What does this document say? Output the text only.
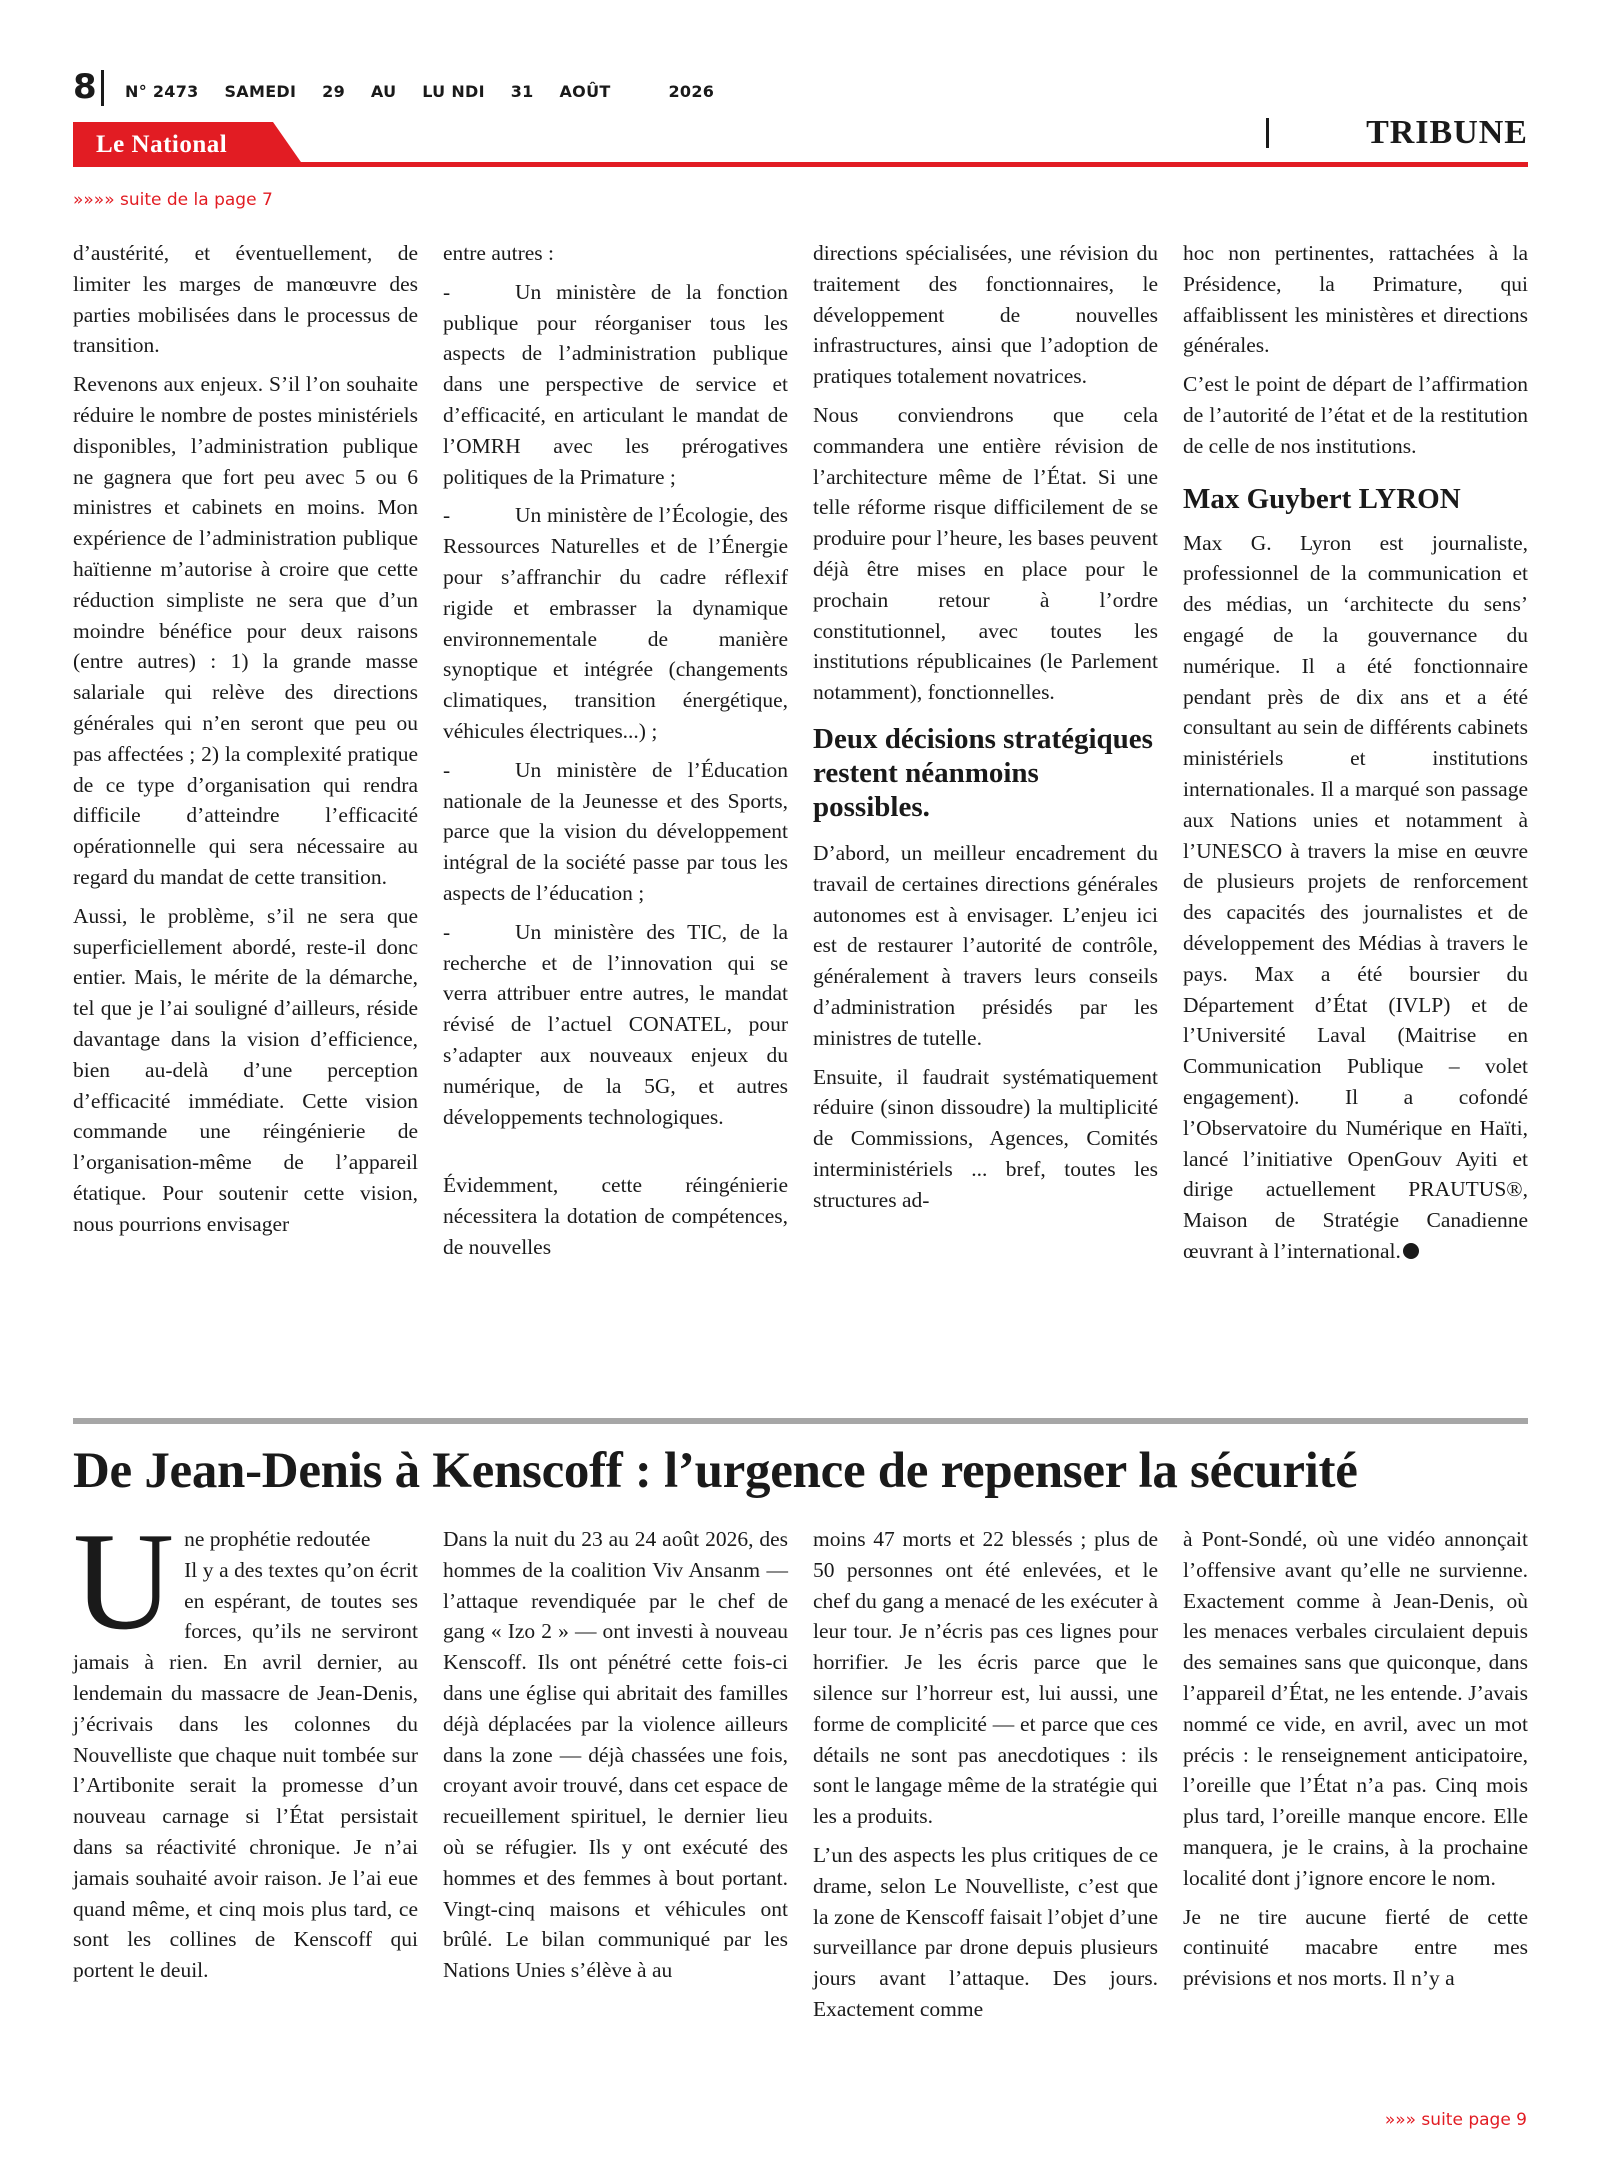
8 N° 2473 SAMEDI 29 AU LU NDI 31 AOÛT	2026
Le National	TRIBUNE
»»»» suite de la page 7

d’austérité, et éventuellement, de limiter les marges de manœuvre des parties mobilisées dans le processus de transition.

Revenons aux enjeux. S’il l’on souhaite réduire le nombre de postes ministériels disponibles, l’administration publique ne gagnera que fort peu avec 5 ou 6 ministres et cabinets en moins. Mon expérience de l’administration publique haïtienne m’autorise à croire que cette réduction simpliste ne sera que d’un moindre bénéfice pour deux raisons (entre autres) : 1) la grande masse salariale qui relève des directions générales qui n’en seront que peu ou pas affectées ; 2) la complexité pratique de ce type d’organisation qui rendra difficile d’atteindre l’efficacité opérationnelle qui sera nécessaire au regard du mandat de cette transition.

Aussi, le problème, s’il ne sera que superficiellement abordé, reste-il donc entier. Mais, le mérite de la démarche, tel que je l’ai souligné d’ailleurs, réside davantage dans la vision d’efficience, bien au-delà d’une perception d’efficacité immédiate. Cette vision commande une réingénierie de l’organisation-même de l’appareil étatique. Pour soutenir cette vision, nous pourrions envisager

entre autres :

-	Un ministère de la fonction publique pour réorganiser tous les aspects de l’administration publique dans une perspective de service et d’efficacité, en articulant le mandat de l’OMRH avec les prérogatives politiques de la Primature ;

-	Un ministère de l’Écologie, des Ressources Naturelles et de l’Énergie pour s’affranchir du cadre réflexif rigide et embrasser la dynamique environnementale de manière synoptique et intégrée (changements climatiques, transition énergétique, véhicules électriques...) ;

-	Un ministère de l’Éducation nationale de la Jeunesse et des Sports, parce que la vision du développement intégral de la société passe par tous les aspects de l’éducation ;

-	Un ministère des TIC, de la recherche et de l’innovation qui se verra attribuer entre autres, le mandat révisé de l’actuel CONATEL, pour s’adapter aux nouveaux enjeux du numérique, de la 5G, et autres développements technologiques.

Évidemment, cette réingénierie nécessitera la dotation de compétences, de nouvelles

directions spécialisées, une révision du traitement des fonctionnaires, le développement de nouvelles infrastructures, ainsi que l’adoption de pratiques totalement novatrices.

Nous conviendrons que cela commandera une entière révision de l’architecture même de l’État. Si une telle réforme risque difficilement de se produire pour l’heure, les bases peuvent déjà être mises en place pour le prochain retour à l’ordre constitutionnel, avec toutes les institutions républicaines (le Parlement notamment), fonctionnelles.

Deux décisions stratégiques restent néanmoins possibles.

D’abord, un meilleur encadrement du travail de certaines directions générales autonomes est à envisager. L’enjeu ici est de restaurer l’autorité de contrôle, généralement à travers leurs conseils d’administration présidés par les ministres de tutelle.

Ensuite, il faudrait systématiquement réduire (sinon dissoudre) la multiplicité de Commissions, Agences, Comités interministériels ... bref, toutes les structures ad-

hoc non pertinentes, rattachées à la Présidence, la Primature, qui affaiblissent les ministères et directions générales.

C’est le point de départ de l’affirmation de l’autorité de l’état et de la restitution de celle de nos institutions.

Max Guybert LYRON

Max G. Lyron est journaliste, professionnel de la communication et des médias, un ‘architecte du sens’ engagé de la gouvernance du numérique. Il a été fonctionnaire pendant près de dix ans et a été consultant au sein de différents cabinets ministériels et institutions internationales. Il a marqué son passage aux Nations unies et notamment à l’UNESCO à travers la mise en œuvre de plusieurs projets de renforcement des capacités des journalistes et de développement des Médias à travers le pays. Max a été boursier du Département d’État (IVLP) et de l’Université Laval (Maitrise en Communication Publique – volet engagement). Il a cofondé l’Observatoire du Numérique en Haïti, lancé l’initiative OpenGouv Ayiti et dirige actuellement PRAUTUS®, Maison de Stratégie Canadienne œuvrant à l’international.

De Jean-Denis à Kenscoff : l’urgence de repenser la sécurité

Une prophétie redoutée
Il y a des textes qu’on écrit en espérant, de toutes ses forces, qu’ils ne serviront jamais à rien. En avril dernier, au lendemain du massacre de Jean-Denis, j’écrivais dans les colonnes du Nouvelliste que chaque nuit tombée sur l’Artibonite serait la promesse d’un nouveau carnage si l’État persistait dans sa réactivité chronique. Je n’ai jamais souhaité avoir raison. Je l’ai eue quand même, et cinq mois plus tard, ce sont les collines de Kenscoff qui portent le deuil.

Dans la nuit du 23 au 24 août 2026, des hommes de la coalition Viv Ansanm — l’attaque revendiquée par le chef de gang « Izo 2 » — ont investi à nouveau Kenscoff. Ils ont pénétré cette fois-ci dans une église qui abritait des familles déjà déplacées par la violence ailleurs dans la zone — déjà chassées une fois, croyant avoir trouvé, dans cet espace de recueillement spirituel, le dernier lieu où se réfugier. Ils y ont exécuté des hommes et des femmes à bout portant. Vingt-cinq maisons et véhicules ont brûlé. Le bilan communiqué par les Nations Unies s’élève à au

moins 47 morts et 22 blessés ; plus de 50 personnes ont été enlevées, et le chef du gang a menacé de les exécuter à leur tour. Je n’écris pas ces lignes pour horrifier. Je les écris parce que le silence sur l’horreur est, lui aussi, une forme de complicité — et parce que ces détails ne sont pas anecdotiques : ils sont le langage même de la stratégie qui les a produits.

L’un des aspects les plus critiques de ce drame, selon Le Nouvelliste, c’est que la zone de Kenscoff faisait l’objet d’une surveillance par drone depuis plusieurs jours avant l’attaque. Des jours. Exactement comme

à Pont-Sondé, où une vidéo annonçait l’offensive avant qu’elle ne survienne. Exactement comme à Jean-Denis, où les menaces verbales circulaient depuis des semaines sans que quiconque, dans l’appareil d’État, ne les entende. J’avais nommé ce vide, en avril, avec un mot précis : le renseignement anticipatoire, l’oreille que l’État n’a pas. Cinq mois plus tard, l’oreille manque encore. Elle manquera, je le crains, à la prochaine localité dont j’ignore encore le nom.

Je ne tire aucune fierté de cette continuité macabre entre mes prévisions et nos morts. Il n’y a

»»» suite page 9
